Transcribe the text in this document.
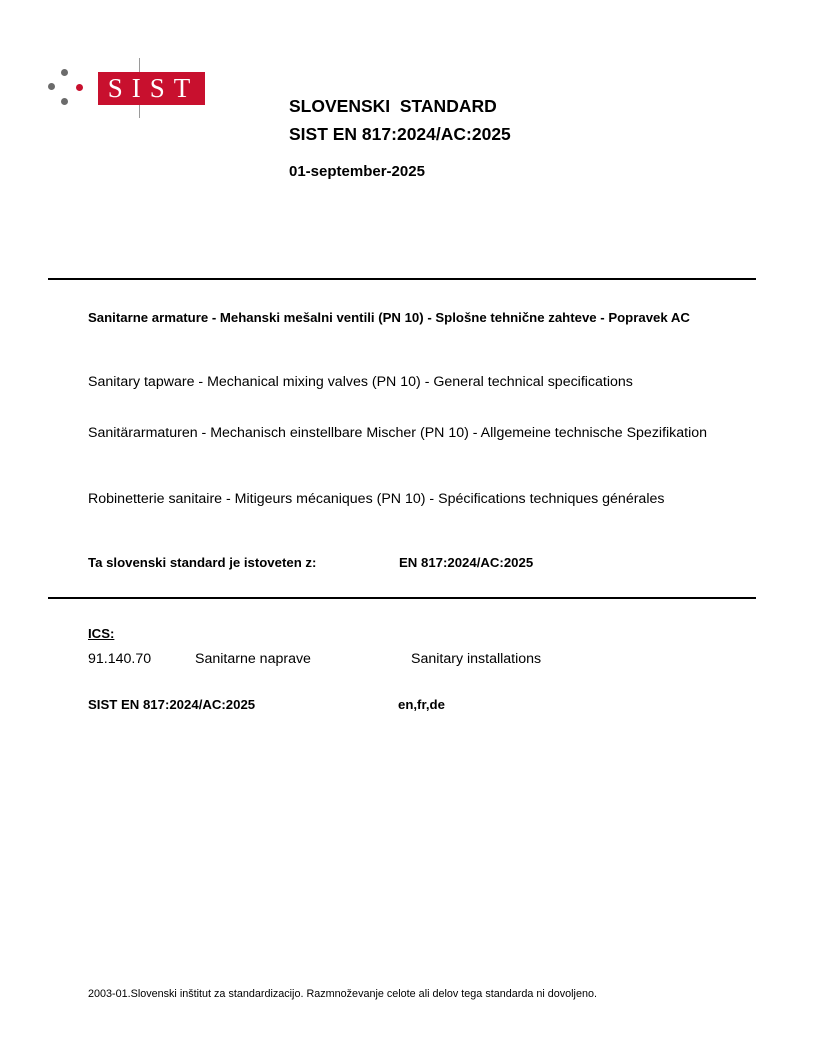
SIST
SLOVENSKI  STANDARD
SIST EN 817:2024/AC:2025
01-september-2025
Sanitarne armature - Mehanski mešalni ventili (PN 10) - Splošne tehnične zahteve - Popravek AC
Sanitary tapware - Mechanical mixing valves (PN 10) - General technical specifications
Sanitärarmaturen - Mechanisch einstellbare Mischer (PN 10) - Allgemeine technische Spezifikation
Robinetterie sanitaire - Mitigeurs mécaniques (PN 10) - Spécifications techniques générales
Ta slovenski standard je istoveten z:	EN 817:2024/AC:2025
ICS:
91.140.70	Sanitarne naprave	Sanitary installations
SIST EN 817:2024/AC:2025	en,fr,de
2003-01.Slovenski inštitut za standardizacijo. Razmnoževanje celote ali delov tega standarda ni dovoljeno.
